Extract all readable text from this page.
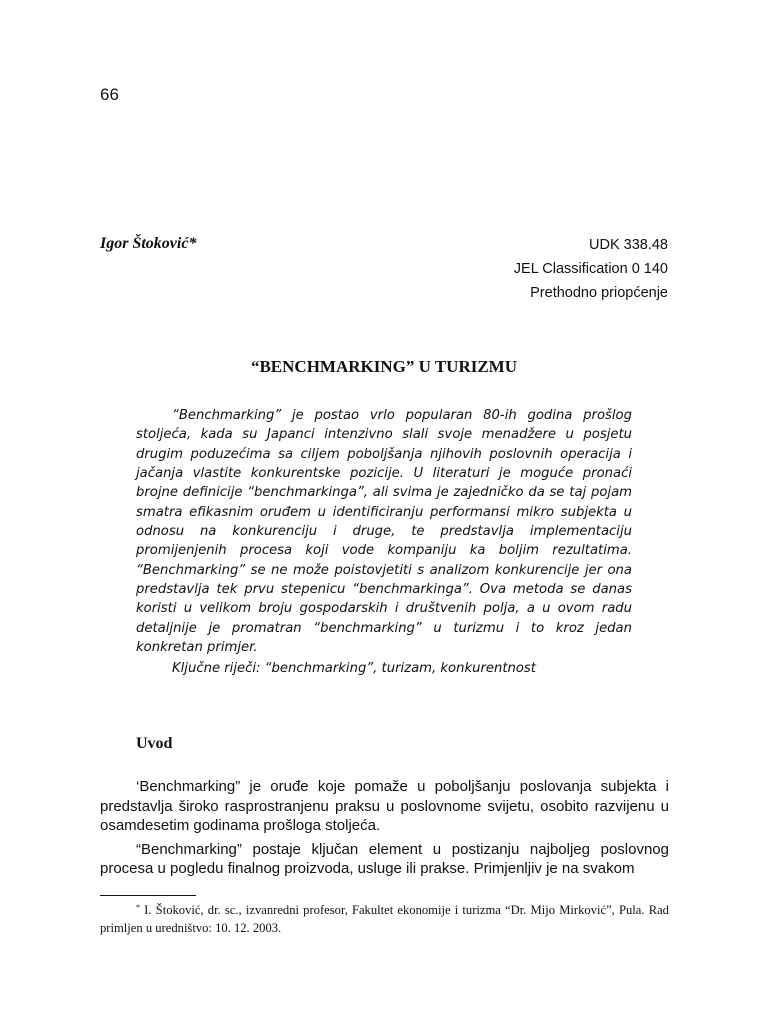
66
Igor Štoković*	UDK 338.48
JEL Classification 0 140
Prethodno priopćenje
“BENCHMARKING” U TURIZMU

“Benchmarking” je postao vrlo popularan 80-ih godina prošlog stoljeća, kada su Japanci intenzivno slali svoje menadžere u posjetu drugim poduzećima sa ciljem poboljšanja njihovih poslovnih operacija i jačanja vlastite konkurentske pozicije. U literaturi je moguće pronaći brojne definicije “benchmarkinga”, ali svima je zajedničko da se taj pojam smatra efikasnim oruđem u identificiranju performansi mikro subjekta u odnosu na konkurenciju i druge, te predstavlja implementaciju promijenjenih procesa koji vode kompaniju ka boljim rezultatima. “Benchmarking” se ne može poistovjetiti s analizom konkurencije jer ona predstavlja tek prvu stepenicu “benchmarkinga”. Ova metoda se danas koristi u velikom broju gospodarskih i društvenih polja, a u ovom radu detaljnije je promatran “benchmarking” u turizmu i to kroz jedan konkretan primjer.

Ključne riječi: “benchmarking”, turizam, konkurentnost

Uvod

‘Benchmarking” je oruđe koje pomaže u poboljšanju poslovanja subjekta i predstavlja široko rasprostranjenu praksu u poslovnome svijetu, osobito razvijenu u osamdesetim godinama prošloga stoljeća.

“Benchmarking” postaje ključan element u postizanju najboljeg poslovnog procesa u pogledu finalnog proizvoda, usluge ili prakse. Primjenljiv je na svakom

* I. Štoković, dr. sc., izvanredni profesor, Fakultet ekonomije i turizma “Dr. Mijo Mirković”, Pula. Rad primljen u uredništvo: 10. 12. 2003.
